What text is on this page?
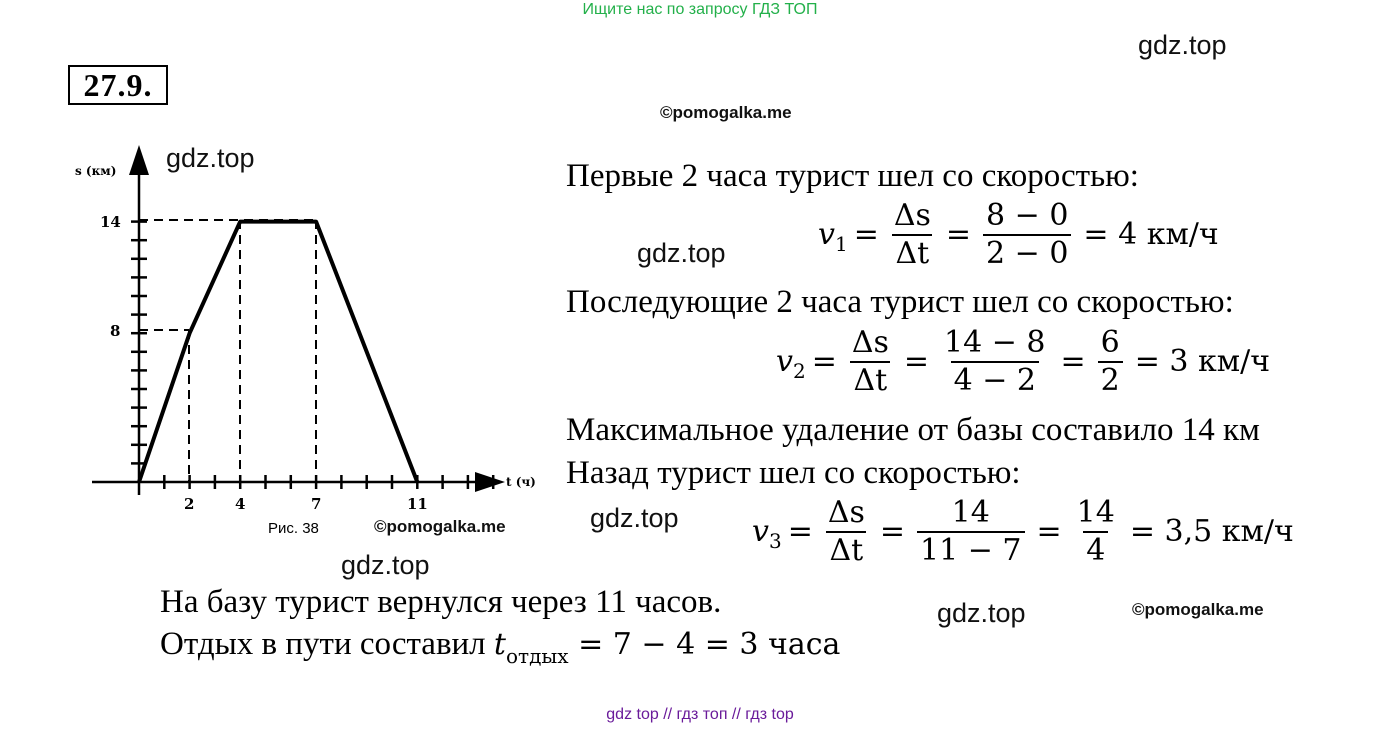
Ищите нас по запросу ГДЗ ТОП
27.9.
gdz.top
©pomogalka.me
gdz.top
gdz.top
gdz.top
©pomogalka.me
gdz.top
gdz.top	©pomogalka.me
s (км)
t (ч)
14
8
2	4	7	11
Рис. 38
Первые 2 часа турист шел со скоростью:
v $1 = \frac{\Delta s}{\Delta t} = \frac{8 - 0}{2 - 0} = 4$ км/ч
Последующие 2 часа турист шел со скоростью:
v $2 = \frac{\Delta s}{\Delta t} = \frac{14 - 8}{4 - 2} = \frac{6}{2} = 3$ км/ч
Максимальное удаление от базы составило 14 км
Назад турист шел со скоростью:
v $3 = \frac{\Delta s}{\Delta t} = \frac{14}{11 - 7} = \frac{14}{4} = 3,5$ км/ч
На базу турист вернулся через 11 часов.
Отдых в пути составил $t_{отдых} = 7 - 4 = 3$ часа
gdz top // гдз топ // гдз top
